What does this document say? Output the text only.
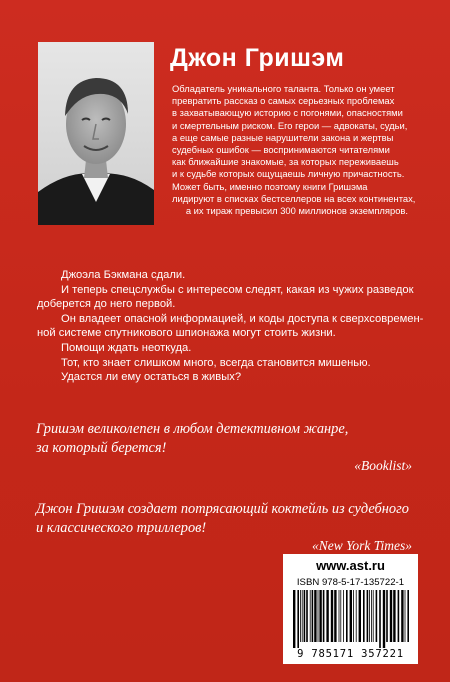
Джон Гришэм
Обладатель уникального таланта. Только он умеет
превратить рассказ о самых серьезных проблемах
в захватывающую историю с погонями, опасностями
и смертельным риском. Его герои — адвокаты, судьи,
а еще самые разные нарушители закона и жертвы
судебных ошибок — воспринимаются читателями
как ближайшие знакомые, за которых переживаешь
и к судьбе которых ощущаешь личную причастность.
Может быть, именно поэтому книги Гришэма
лидируют в списках бестселлеров на всех континентах,
а их тираж превысил 300 миллионов экземпляров.
Джоэла Бэкмана сдали.
И теперь спецслужбы с интересом следят, какая из чужих разведок
доберется до него первой.
Он владеет опасной информацией, и коды доступа к сверхсовремен-
ной системе спутникового шпионажа могут стоить жизни.
Помощи ждать неоткуда.
Тот, кто знает слишком много, всегда становится мишенью.
Удастся ли ему остаться в живых?
Гришэм великолепен в любом детективном жанре,
за который берется!
«Booklist»
Джон Гришэм создает потрясающий коктейль из судебного
и классического триллеров!
«New York Times»
www.ast.ru
ISBN 978-5-17-135722-1
9 785171 357221
